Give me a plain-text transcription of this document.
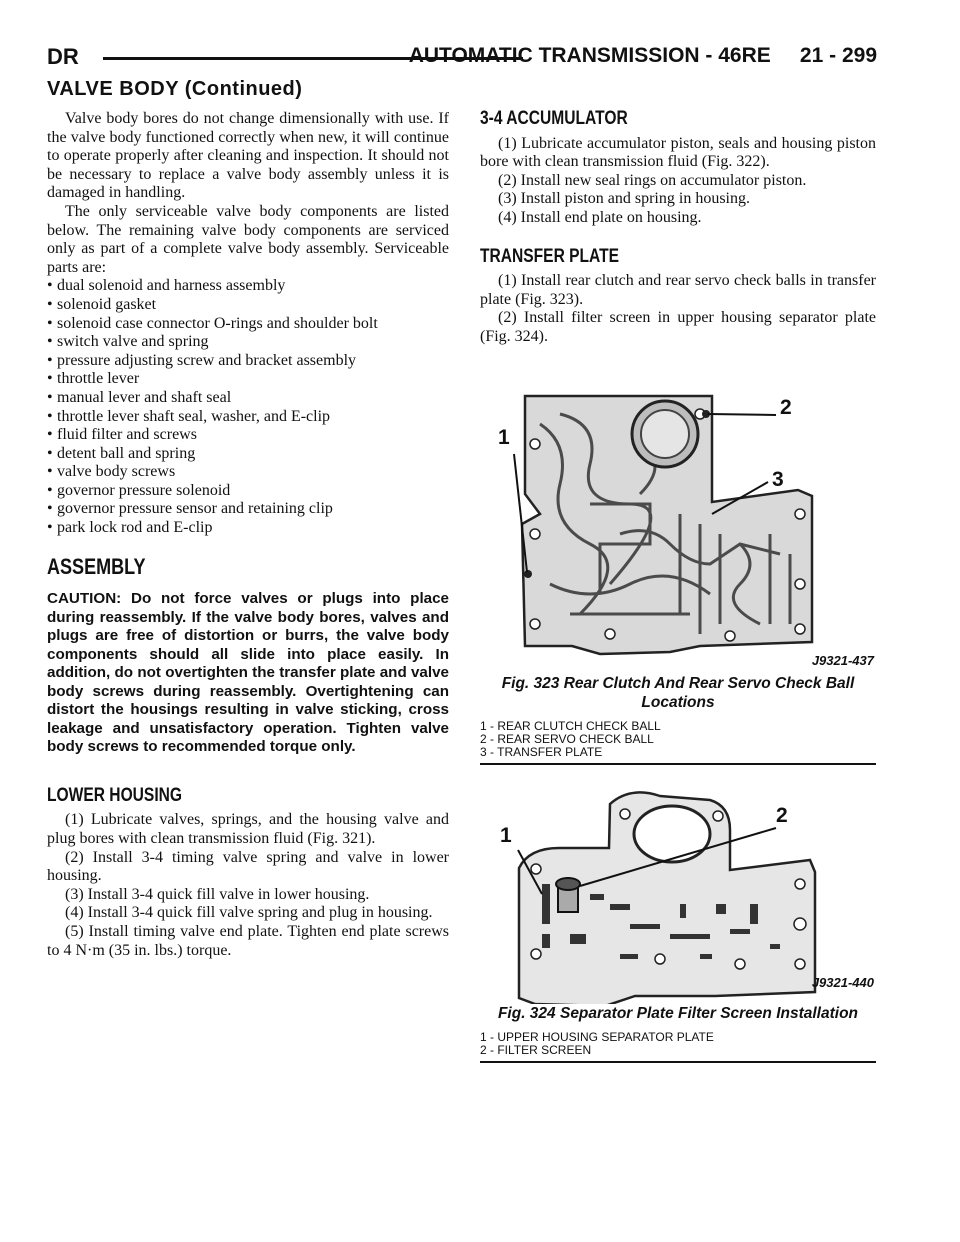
DR	AUTOMATIC TRANSMISSION - 46RE     21 - 299
VALVE BODY (Continued)

Valve body bores do not change dimensionally with use. If the valve body functioned correctly when new, it will continue to operate properly after cleaning and inspection. It should not be necessary to replace a valve body assembly unless it is damaged in handling.

The only serviceable valve body components are listed below. The remaining valve body components are serviced only as part of a complete valve body assembly. Serviceable parts are:

• dual solenoid and harness assembly
• solenoid gasket
• solenoid case connector O-rings and shoulder bolt
• switch valve and spring
• pressure adjusting screw and bracket assembly
• throttle lever
• manual lever and shaft seal
• throttle lever shaft seal, washer, and E-clip
• fluid filter and screws
• detent ball and spring
• valve body screws
• governor pressure solenoid
• governor pressure sensor and retaining clip
• park lock rod and E-clip
ASSEMBLY

CAUTION: Do not force valves or plugs into place during reassembly. If the valve body bores, valves and plugs are free of distortion or burrs, the valve body components should all slide into place easily. In addition, do not overtighten the transfer plate and valve body screws during reassembly. Overtightening can distort the housings resulting in valve sticking, cross leakage and unsatisfactory operation. Tighten valve body screws to recommended torque only.

LOWER HOUSING

(1) Lubricate valves, springs, and the housing valve and plug bores with clean transmission fluid (Fig. 321).

(2) Install 3-4 timing valve spring and valve in lower housing.

(3) Install 3-4 quick fill valve in lower housing.

(4) Install 3-4 quick fill valve spring and plug in housing.

(5) Install timing valve end plate. Tighten end plate screws to 4 N·m (35 in. lbs.) torque.

3-4 ACCUMULATOR

(1) Lubricate accumulator piston, seals and housing piston bore with clean transmission fluid (Fig. 322).

(2) Install new seal rings on accumulator piston.

(3) Install piston and spring in housing.

(4) Install end plate on housing.

TRANSFER PLATE

(1) Install rear clutch and rear servo check balls in transfer plate (Fig. 323).

(2) Install filter screen in upper housing separator plate (Fig. 324).

1
2
3
J9321-437
Fig. 323 Rear Clutch And Rear Servo Check Ball Locations
1 - REAR CLUTCH CHECK BALL
2 - REAR SERVO CHECK BALL
3 - TRANSFER PLATE
1
2
J9321-440
Fig. 324 Separator Plate Filter Screen Installation
1 - UPPER HOUSING SEPARATOR PLATE
2 - FILTER SCREEN
